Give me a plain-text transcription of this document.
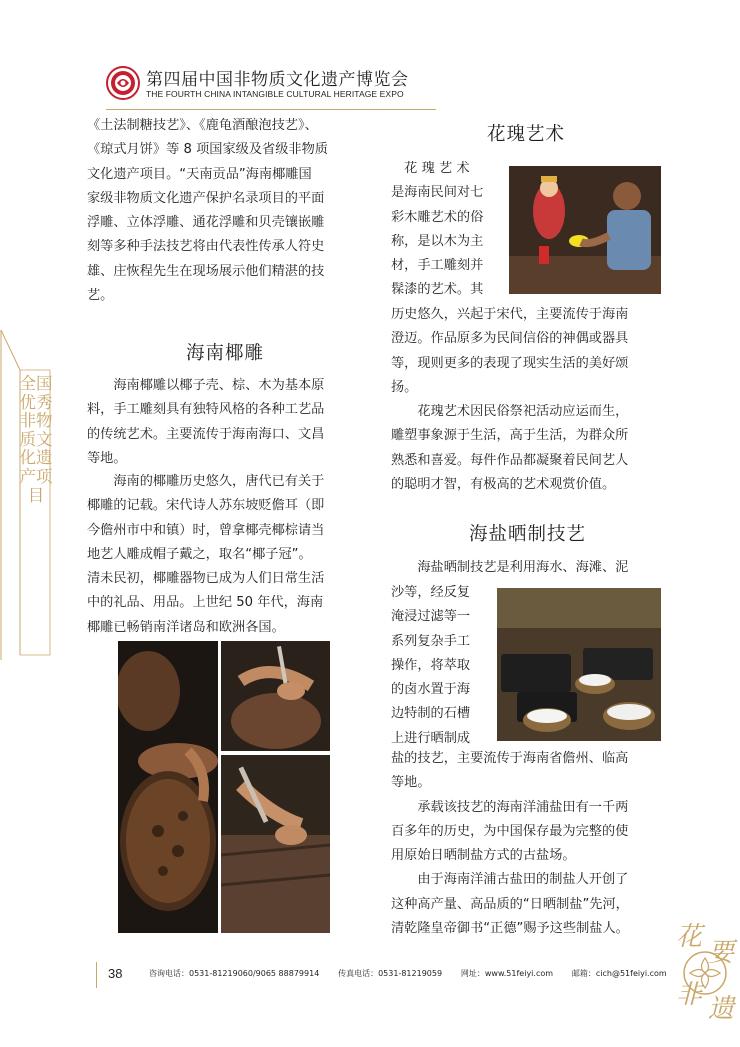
第四届中国非物质文化遗产博览会
THE FOURTH CHINA INTANGIBLE CULTURAL HERITAGE EXPO
全国优秀非物质文化遗产项目
《土法制糖技艺》、《鹿龟酒酿泡技艺》、
《琼式月饼》等 8 项国家级及省级非物质
文化遗产项目。“天南贡品”海南椰雕国
家级非物质文化遗产保护名录项目的平面
浮雕、立体浮雕、通花浮雕和贝壳镶嵌雕
刻等多种手法技艺将由代表性传承人符史
雄、庄恢程先生在现场展示他们精湛的技
艺。
海南椰雕
　　海南椰雕以椰子壳、棕、木为基本原
料，手工雕刻具有独特风格的各种工艺品
的传统艺术。主要流传于海南海口、文昌
等地。
　　海南的椰雕历史悠久，唐代已有关于
椰雕的记载。宋代诗人苏东坡贬儋耳（即
今儋州市中和镇）时，曾拿椰壳椰棕请当
地艺人雕成帽子戴之，取名“椰子冠”。
清未民初，椰雕器物已成为人们日常生活
中的礼品、用品。上世纪 50 年代，海南
椰雕已畅销南洋诸岛和欧洲各国。
花瑰艺术
　花 瑰 艺 术
是海南民间对七
彩木雕艺术的俗
称，是以木为主
材，手工雕刻并
髹漆的艺术。其
历史悠久，兴起于宋代，主要流传于海南
澄迈。作品原多为民间信俗的神偶或器具
等，现则更多的表现了现实生活的美好颂
扬。
　　花瑰艺术因民俗祭祀活动应运而生，
雕塑事象源于生活，高于生活，为群众所
熟悉和喜爱。每件作品都凝聚着民间艺人
的聪明才智，有极高的艺术观赏价值。
海盐晒制技艺
　　海盐晒制技艺是利用海水、海滩、泥
沙等，经反复
淹浸过滤等一
系列复杂手工
操作，将萃取
的卤水置于海
边特制的石槽
上进行晒制成
盐的技艺，主要流传于海南省儋州、临高
等地。
　　承载该技艺的海南洋浦盐田有一千两
百多年的历史，为中国保存最为完整的使
用原始日晒制盐方式的古盐场。
　　由于海南洋浦古盐田的制盐人开创了
这种高产量、高品质的“日晒制盐”先河，
清乾隆皇帝御书“正德”赐予这些制盐人。
38	咨询电话：0531-81219060/9065 88879914 传真电话：0531-81219059 网址：www.51feiyi.com 邮箱：cich@51feiyi.com
花
要
非 遗
